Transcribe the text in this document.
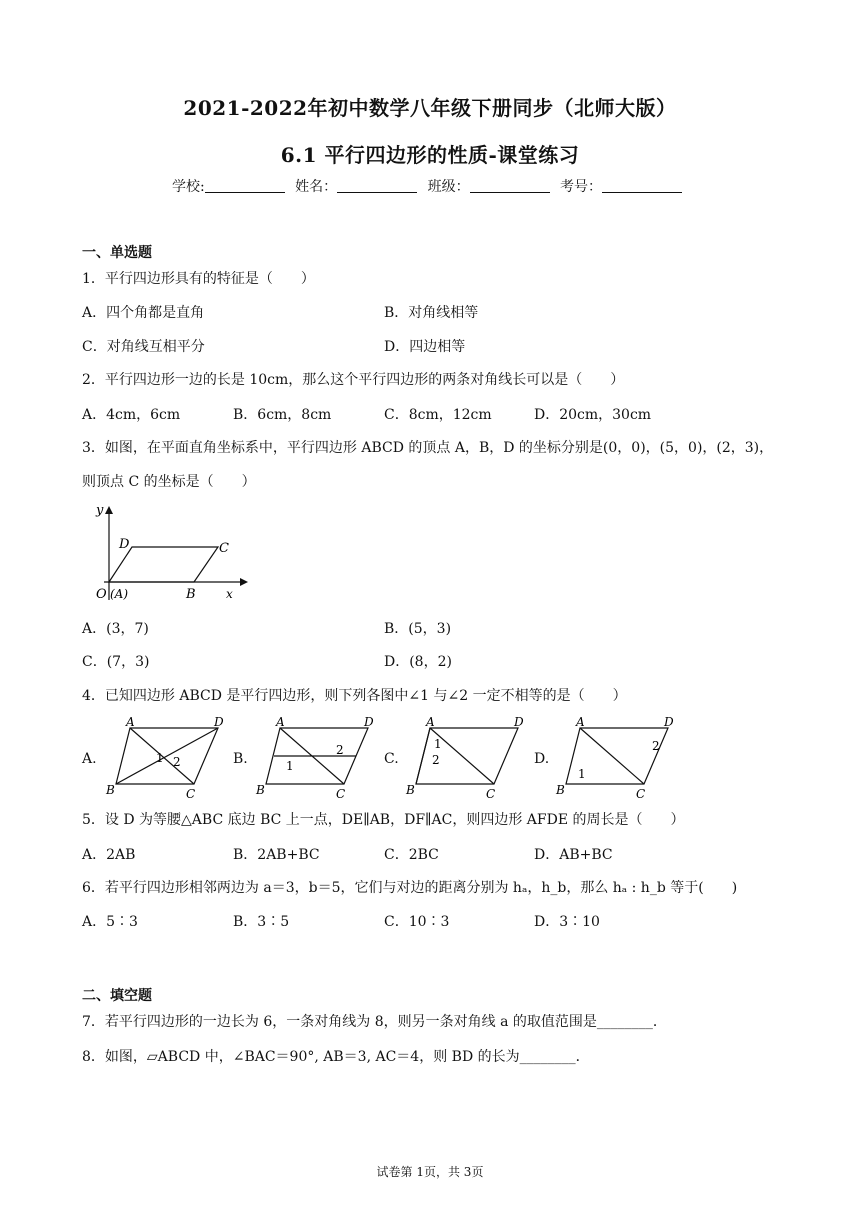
2021-2022年初中数学八年级下册同步（北师大版）
6.1 平行四边形的性质-课堂练习
学校:	姓名：	班级：	考号：
一、单选题
1．平行四边形具有的特征是（　　）
A．四个角都是直角	B．对角线相等
C．对角线互相平分	D．四边相等
2．平行四边形一边的长是 10cm，那么这个平行四边形的两条对角线长可以是（　　）
A．4cm，6cm	B．6cm，8cm	C．8cm，12cm	D．20cm，30cm
3．如图，在平面直角坐标系中，平行四边形 ABCD 的顶点 A，B，D 的坐标分别是(0，0)，(5，0)，(2，3)，
则顶点 C 的坐标是（　　）
y
x
O (A)	B
D	C
A．(3，7)	B．(5，3)
C．(7，3)	D．(8，2)
4．已知四边形 ABCD 是平行四边形，则下列各图中∠1 与∠2 一定不相等的是（　　）
A.
A	D
B	C
1 2	B.
A	D
B	C
1
2
C.
A	D
B	C
1
2	D.
A	D
B	C
1
2
5．设 D 为等腰△ABC 底边 BC 上一点，DE∥AB，DF∥AC，则四边形 AFDE 的周长是（　　）
A．2AB	B．2AB+BC	C．2BC	D．AB+BC
6．若平行四边形相邻两边为 a＝3，b＝5，它们与对边的距离分别为 hₐ，h_b，那么 hₐ : h_b 等于(　　)
A．5∶3	B．3∶5	C．10∶3	D．3∶10
二、填空题
7．若平行四边形的一边长为 6，一条对角线为 8，则另一条对角线 a 的取值范围是________．
8．如图，▱ABCD 中，∠BAC＝90°, AB＝3, AC＝4，则 BD 的长为________．
试卷第 1页，共 3页
